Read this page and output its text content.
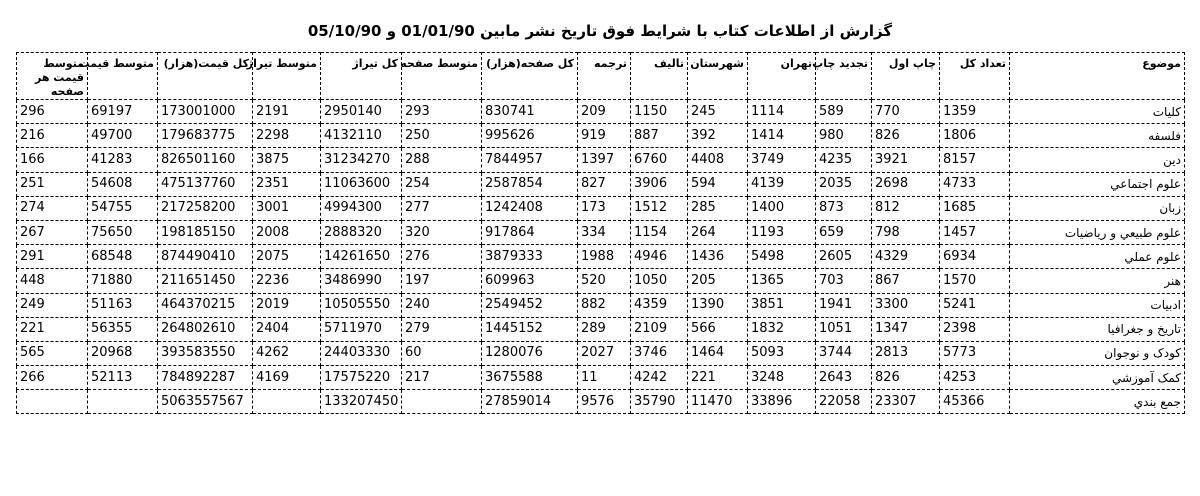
گزارش از اطلاعات کتاب با شرایط فوق تاریخ نشر مابین 01/01/90 و 05/10/90
متوسط قيمت هر صفحه	متوسط قيمت	کل قيمت(هزار)	متوسط تيراژ	کل تيراژ	متوسط صفحه	کل صفحه(هزار)	ترجمه	تاليف	شهرستان	تهران	تجديد چاپ	چاپ اول	تعداد کل	موضوع
296	69197	173001000	2191	2950140	293	830741	209	1150	245	1114	589	770	1359	کليات
216	49700	179683775	2298	4132110	250	995626	919	887	392	1414	980	826	1806	فلسفه
166	41283	826501160	3875	31234270	288	7844957	1397	6760	4408	3749	4235	3921	8157	دين
251	54608	475137760	2351	11063600	254	2587854	827	3906	594	4139	2035	2698	4733	علوم اجتماعي
274	54755	217258200	3001	4994300	277	1242408	173	1512	285	1400	873	812	1685	زبان
267	75650	198185150	2008	2888320	320	917864	334	1154	264	1193	659	798	1457	علوم طبيعي و رياضيات
291	68548	874490410	2075	14261650	276	3879333	1988	4946	1436	5498	2605	4329	6934	علوم عملي
448	71880	211651450	2236	3486990	197	609963	520	1050	205	1365	703	867	1570	هنر
249	51163	464370215	2019	10505550	240	2549452	882	4359	1390	3851	1941	3300	5241	ادبيات
221	56355	264802610	2404	5711970	279	1445152	289	2109	566	1832	1051	1347	2398	تاريخ و جغرافيا
565	20968	393583550	4262	24403330	60	1280076	2027	3746	1464	5093	3744	2813	5773	کودک و نوجوان
266	52113	784892287	4169	17575220	217	3675588	11	4242	221	3248	2643	826	4253	کمک آموزشي
		5063557567		133207450		27859014	9576	35790	11470	33896	22058	23307	45366	جمع بندي
